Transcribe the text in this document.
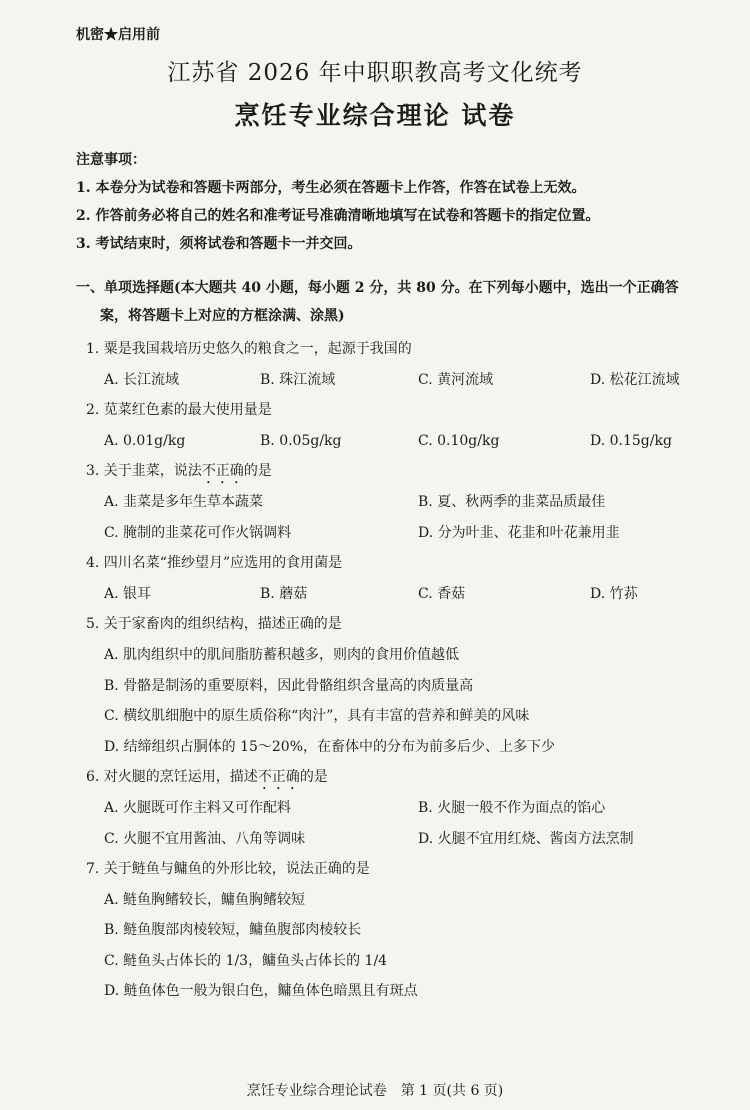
机密★启用前
江苏省 2026 年中职职教高考文化统考
烹饪专业综合理论 试卷
注意事项：
1. 本卷分为试卷和答题卡两部分，考生必须在答题卡上作答，作答在试卷上无效。
2. 作答前务必将自己的姓名和准考证号准确清晰地填写在试卷和答题卡的指定位置。
3. 考试结束时，须将试卷和答题卡一并交回。
一、单项选择题(本大题共 40 小题，每小题 2 分，共 80 分。在下列每小题中，选出一个正确答
案，将答题卡上对应的方框涂满、涂黑)
1. 粟是我国栽培历史悠久的粮食之一，起源于我国的
A. 长江流域	B. 珠江流域	C. 黄河流域	D. 松花江流域
2. 苋菜红色素的最大使用量是
A. 0.01g/kg	B. 0.05g/kg	C. 0.10g/kg	D. 0.15g/kg
3. 关于韭菜，说法不正确的是
A. 韭菜是多年生草本蔬菜	B. 夏、秋两季的韭菜品质最佳
C. 腌制的韭菜花可作火锅调料	D. 分为叶韭、花韭和叶花兼用韭
4. 四川名菜“推纱望月”应选用的食用菌是
A. 银耳	B. 蘑菇	C. 香菇	D. 竹荪
5. 关于家畜肉的组织结构，描述正确的是
A. 肌肉组织中的肌间脂肪蓄积越多，则肉的食用价值越低
B. 骨骼是制汤的重要原料，因此骨骼组织含量高的肉质量高
C. 横纹肌细胞中的原生质俗称“肉汁”，具有丰富的营养和鲜美的风味
D. 结缔组织占胴体的 15～20%，在畜体中的分布为前多后少、上多下少
6. 对火腿的烹饪运用，描述不正确的是
A. 火腿既可作主料又可作配料	B. 火腿一般不作为面点的馅心
C. 火腿不宜用酱油、八角等调味	D. 火腿不宜用红烧、酱卤方法烹制
7. 关于鲢鱼与鳙鱼的外形比较，说法正确的是
A. 鲢鱼胸鳍较长，鳙鱼胸鳍较短
B. 鲢鱼腹部肉棱较短，鳙鱼腹部肉棱较长
C. 鲢鱼头占体长的 1/3，鳙鱼头占体长的 1/4
D. 鲢鱼体色一般为银白色，鳙鱼体色暗黑且有斑点
烹饪专业综合理论试卷　第 1 页(共 6 页)
